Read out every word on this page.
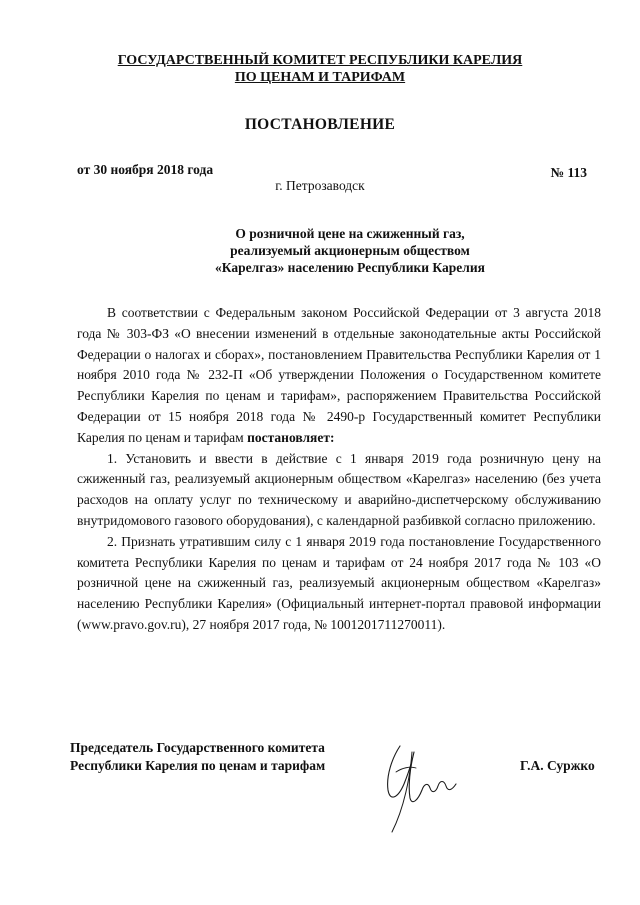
ГОСУДАРСТВЕННЫЙ КОМИТЕТ РЕСПУБЛИКИ КАРЕЛИЯ
ПО ЦЕНАМ И ТАРИФАМ
ПОСТАНОВЛЕНИЕ
от 30 ноября 2018 года	№ 113
г. Петрозаводск
О розничной цене на сжиженный газ,
реализуемый акционерным обществом
«Карелгаз» населению Республики Карелия

В соответствии с Федеральным законом Российской Федерации от 3 августа 2018 года № 303-ФЗ «О внесении изменений в отдельные законодательные акты Российской Федерации о налогах и сборах», постановлением Правительства Республики Карелия от 1 ноября 2010 года № 232-П «Об утверждении Положения о Государственном комитете Республики Карелия по ценам и тарифам», распоряжением Правительства Российской Федерации от 15 ноября 2018 года № 2490-р Государственный комитет Республики Карелия по ценам и тарифам постановляет:

1. Установить и ввести в действие с 1 января 2019 года розничную цену на сжиженный газ, реализуемый акционерным обществом «Карелгаз» населению (без учета расходов на оплату услуг по техническому и аварийно-диспетчерскому обслуживанию внутридомового газового оборудования), с календарной разбивкой согласно приложению.

2. Признать утратившим силу с 1 января 2019 года постановление Государственного комитета Республики Карелия по ценам и тарифам от 24 ноября 2017 года № 103 «О розничной цене на сжиженный газ, реализуемый акционерным обществом «Карелгаз» населению Республики Карелия» (Официальный интернет-портал правовой информации (www.pravo.gov.ru), 27 ноября 2017 года, № 1001201711270011).

Председатель Государственного комитета
Республики Карелия по ценам и тарифам	Г.А. Суржко
